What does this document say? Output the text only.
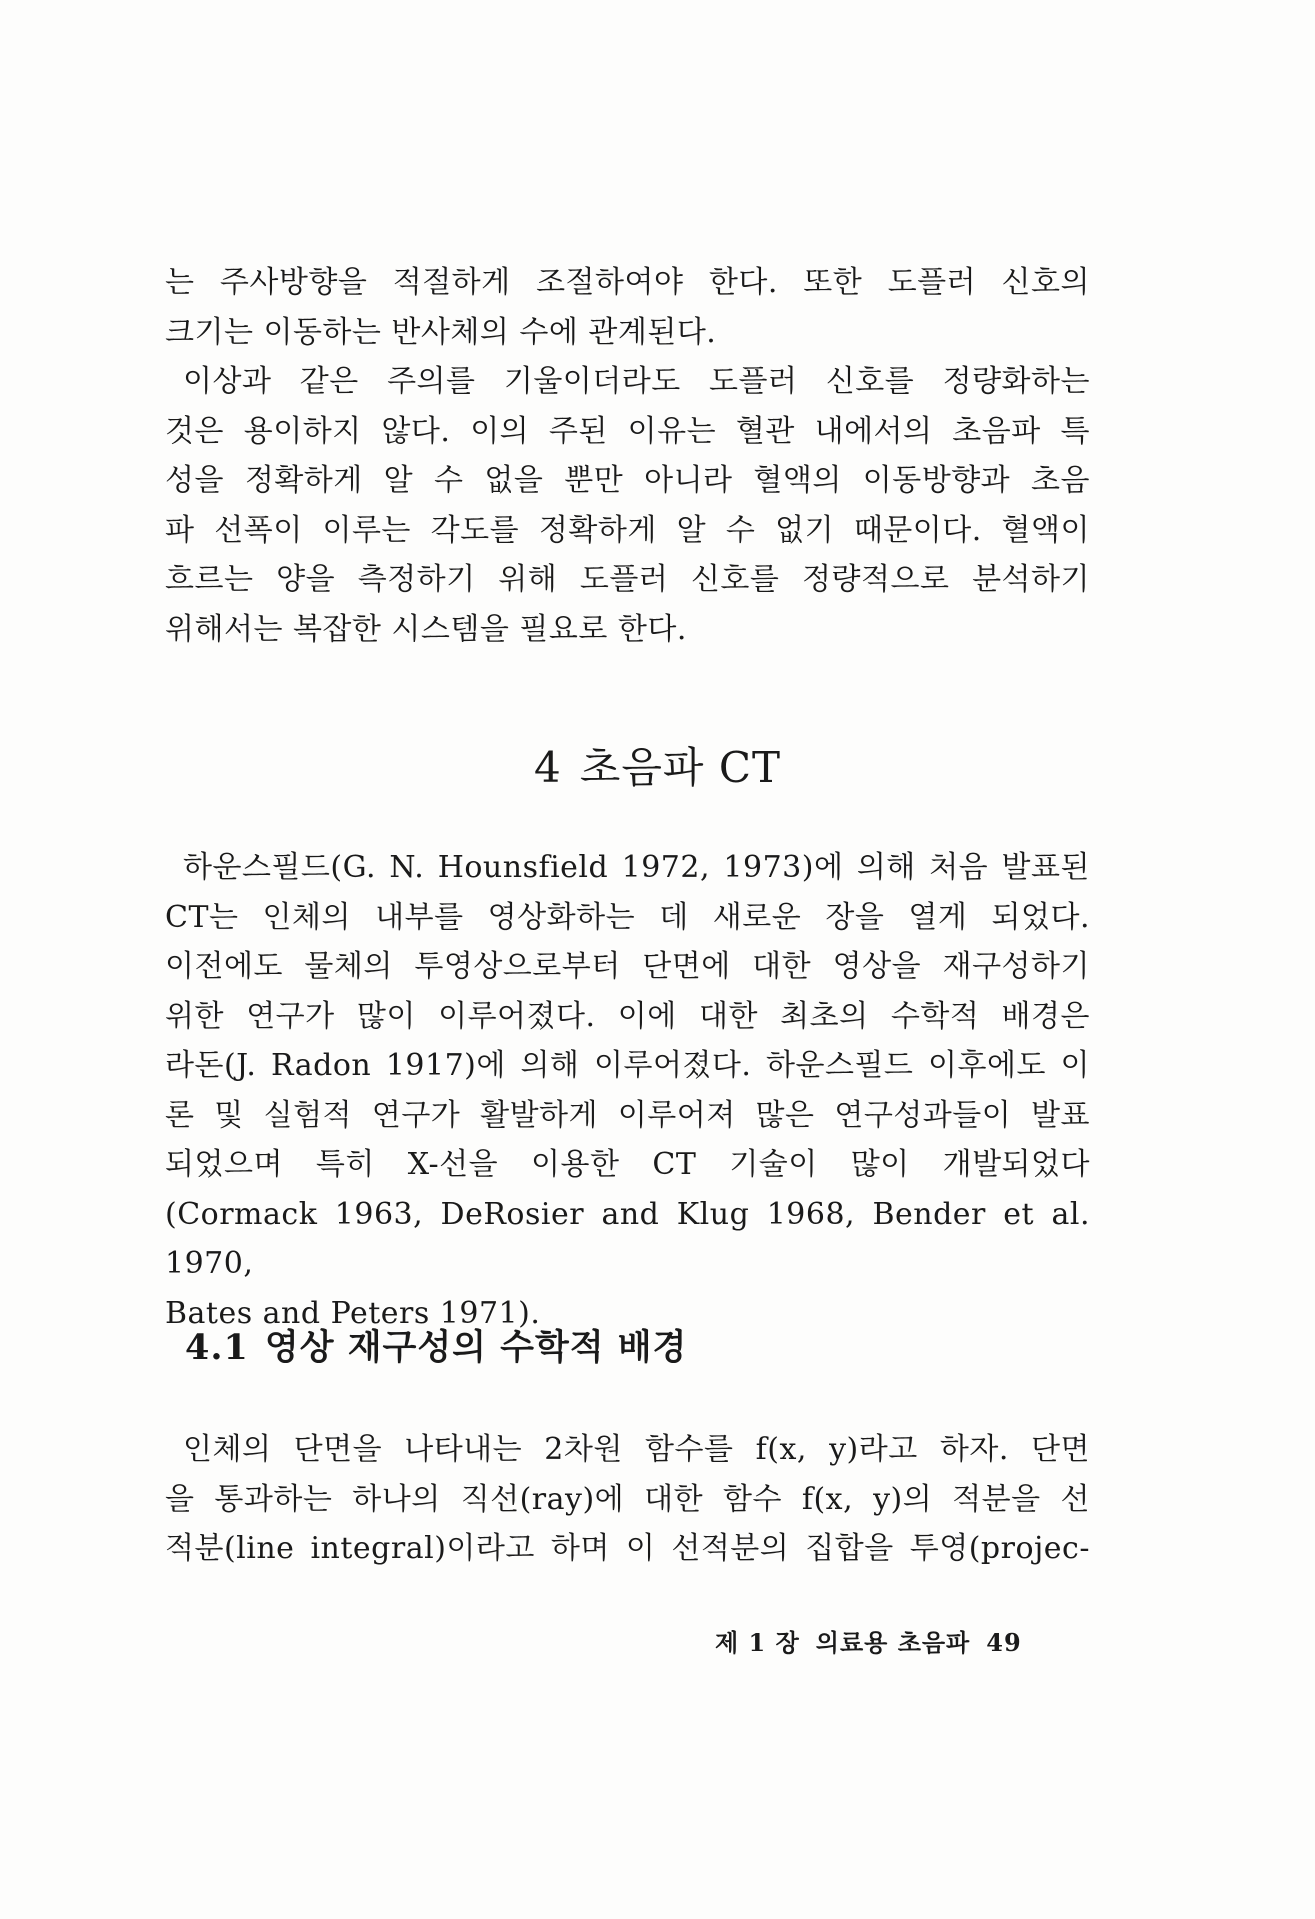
는 주사방향을 적절하게 조절하여야 한다. 또한 도플러 신호의

크기는 이동하는 반사체의 수에 관계된다.

이상과 같은 주의를 기울이더라도 도플러 신호를 정량화하는

것은 용이하지 않다. 이의 주된 이유는 혈관 내에서의 초음파 특

성을 정확하게 알 수 없을 뿐만 아니라 혈액의 이동방향과 초음

파 선폭이 이루는 각도를 정확하게 알 수 없기 때문이다. 혈액이

흐르는 양을 측정하기 위해 도플러 신호를 정량적으로 분석하기

위해서는 복잡한 시스템을 필요로 한다.

4 초음파 CT

하운스필드(G. N. Hounsfield 1972, 1973)에 의해 처음 발표된

CT는 인체의 내부를 영상화하는 데 새로운 장을 열게 되었다.

이전에도 물체의 투영상으로부터 단면에 대한 영상을 재구성하기

위한 연구가 많이 이루어졌다. 이에 대한 최초의 수학적 배경은

라돈(J. Radon 1917)에 의해 이루어졌다. 하운스필드 이후에도 이

론 및 실험적 연구가 활발하게 이루어져 많은 연구성과들이 발표

되었으며 특히 X-선을 이용한 CT 기술이 많이 개발되었다

(Cormack 1963, DeRosier and Klug 1968, Bender et al. 1970,

Bates and Peters 1971).

4.1 영상 재구성의 수학적 배경

인체의 단면을 나타내는 2차원 함수를 f(x, y)라고 하자. 단면

을 통과하는 하나의 직선(ray)에 대한 함수 f(x, y)의 적분을 선

적분(line integral)이라고 하며 이 선적분의 집합을 투영(projec-

제 1 장 의료용 초음파 49
